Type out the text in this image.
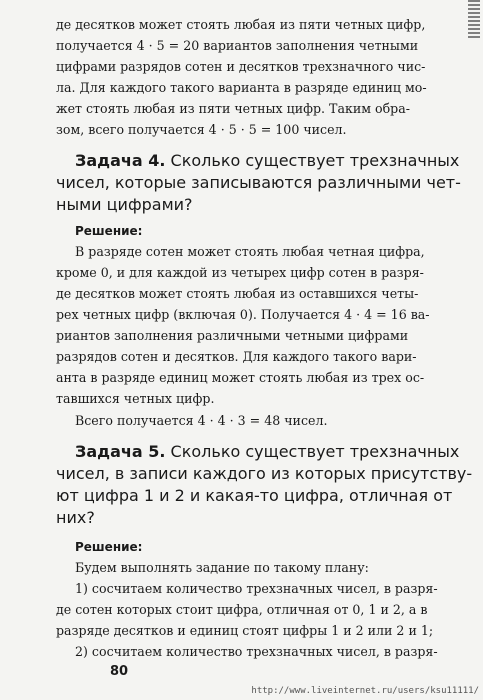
де десятков может стоять любая из пяти четных цифр,
получается 4 · 5 = 20 вариантов заполнения четными
цифрами разрядов сотен и десятков трехзначного чис-
ла. Для каждого такого варианта в разряде единиц мо-
жет стоять любая из пяти четных цифр. Таким обра-
зом, всего получается 4 · 5 · 5 = 100 чисел.
Задача 4. Сколько существует трехзначных
чисел, которые записываются различными чет-
ными цифрами?
Решение:
В разряде сотен может стоять любая четная цифра,
кроме 0, и для каждой из четырех цифр сотен в разря-
де десятков может стоять любая из оставшихся четы-
рех четных цифр (включая 0). Получается 4 · 4 = 16 ва-
риантов заполнения различными четными цифрами
разрядов сотен и десятков. Для каждого такого вари-
анта в разряде единиц может стоять любая из трех ос-
тавшихся четных цифр.
Всего получается 4 · 4 · 3 = 48 чисел.
Задача 5. Сколько существует трехзначных
чисел, в записи каждого из которых присутству-
ют цифра 1 и 2 и какая-то цифра, отличная от
них?
Решение:
Будем выполнять задание по такому плану:
1) сосчитаем количество трехзначных чисел, в разря-
де сотен которых стоит цифра, отличная от 0, 1 и 2, а в
разряде десятков и единиц стоят цифры 1 и 2 или 2 и 1;
2) сосчитаем количество трехзначных чисел, в разря-
80
http://www.liveinternet.ru/users/ksu11111/
